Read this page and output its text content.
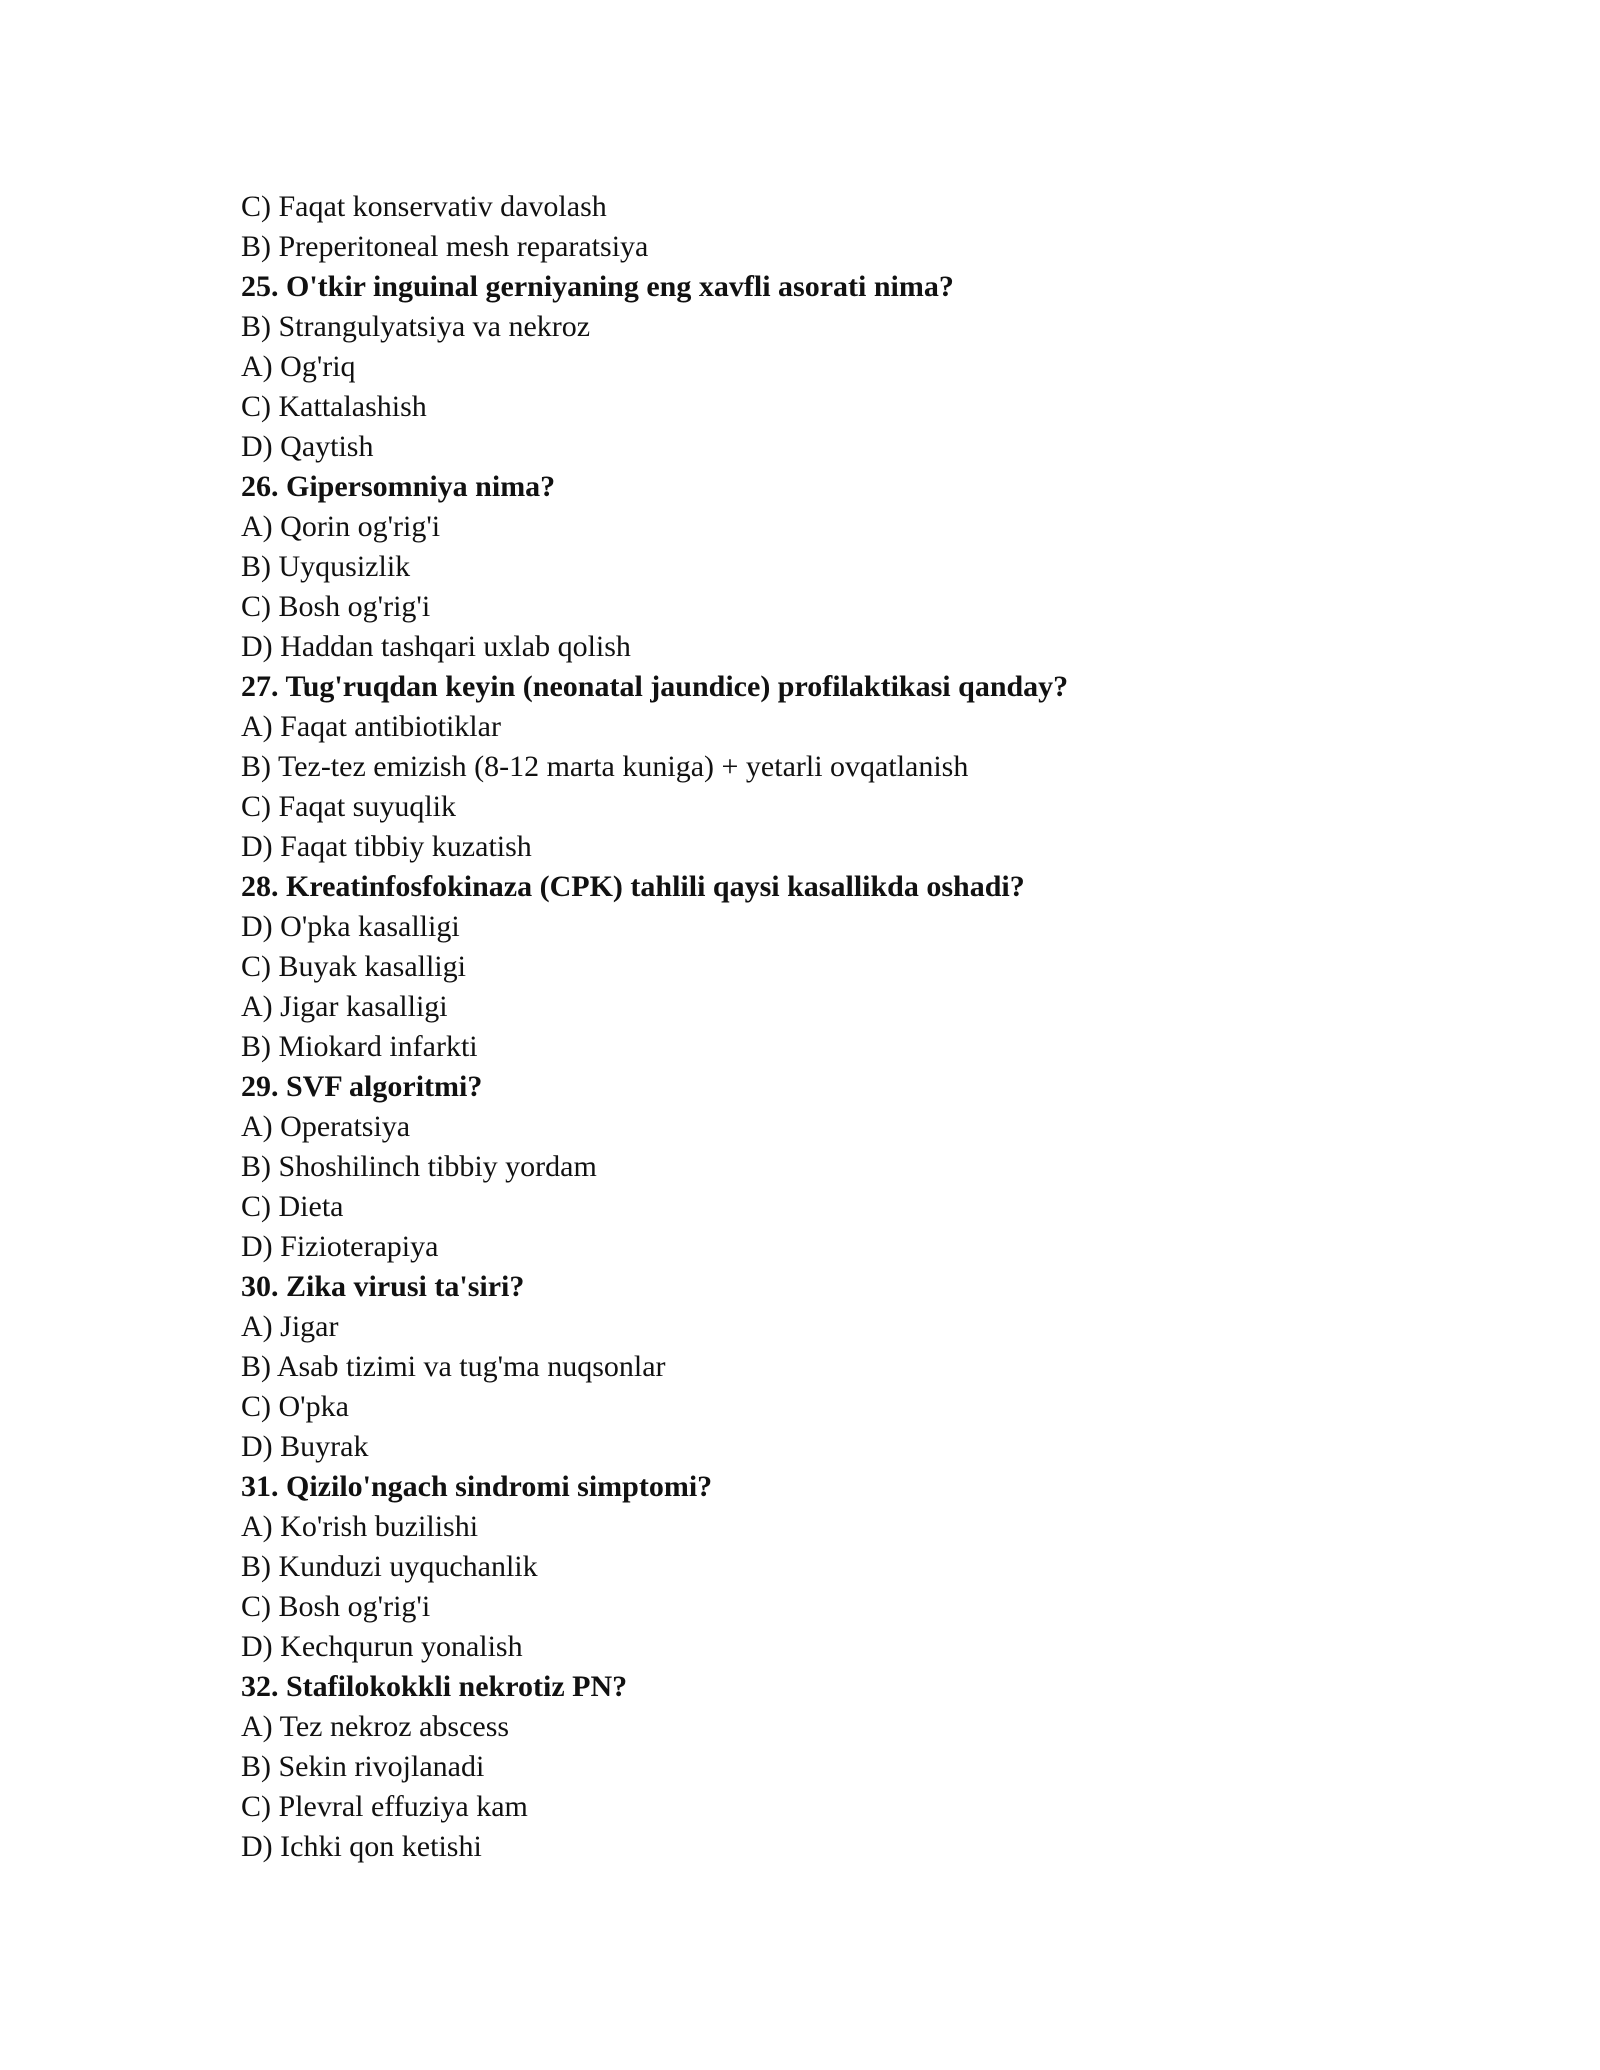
C) Faqat konservativ davolash
B) Preperitoneal mesh reparatsiya
25. O'tkir inguinal gerniyaning eng xavfli asorati nima?
B) Strangulyatsiya va nekroz
A) Og'riq
C) Kattalashish
D) Qaytish
26. Gipersomniya nima?
A) Qorin og'rig'i
B) Uyqusizlik
C) Bosh og'rig'i
D) Haddan tashqari uxlab qolish
27. Tug'ruqdan keyin (neonatal jaundice) profilaktikasi qanday?
A) Faqat antibiotiklar
B) Tez-tez emizish (8-12 marta kuniga) + yetarli ovqatlanish
C) Faqat suyuqlik
D) Faqat tibbiy kuzatish
28. Kreatinfosfokinaza (CPK) tahlili qaysi kasallikda oshadi?
D) O'pka kasalligi
C) Buyak kasalligi
A) Jigar kasalligi
B) Miokard infarkti
29. SVF algoritmi?
A) Operatsiya
B) Shoshilinch tibbiy yordam
C) Dieta
D) Fizioterapiya
30. Zika virusi ta'siri?
A) Jigar
B) Asab tizimi va tug'ma nuqsonlar
C) O'pka
D) Buyrak
31. Qizilo'ngach sindromi simptomi?
A) Ko'rish buzilishi
B) Kunduzi uyquchanlik
C) Bosh og'rig'i
D) Kechqurun yonalish
32. Stafilokokkli nekrotiz PN?
A) Tez nekroz abscess
B) Sekin rivojlanadi
C) Plevral effuziya kam
D) Ichki qon ketishi
